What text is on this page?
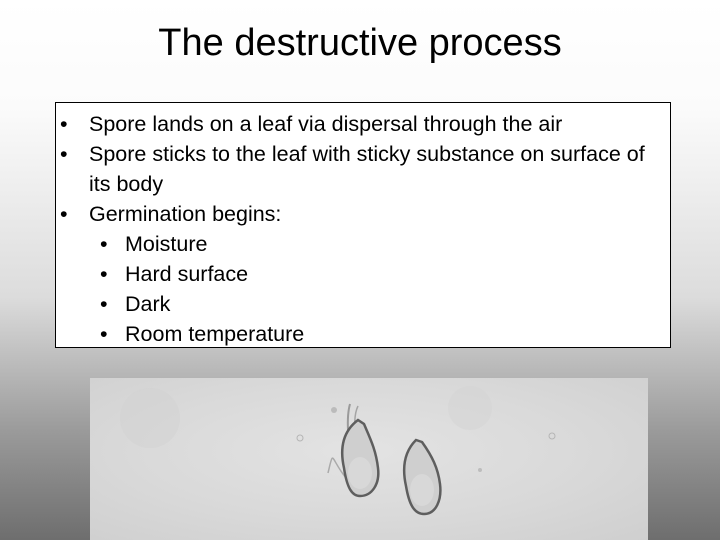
The destructive process
• Spore lands on a leaf via dispersal through the air
• Spore sticks to the leaf with sticky substance on surface of its body
• Germination begins:
• Moisture
• Hard surface
• Dark
• Room temperature
